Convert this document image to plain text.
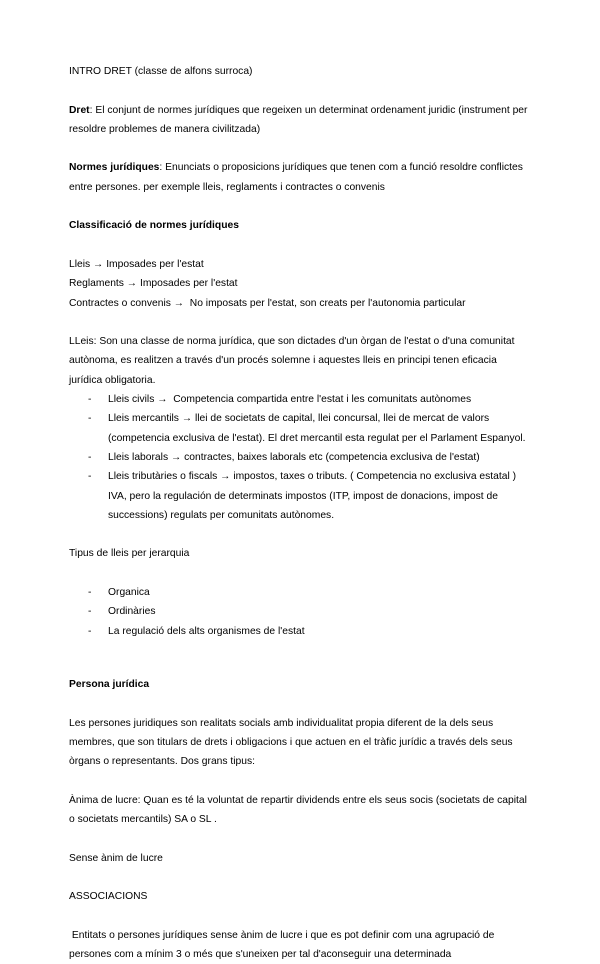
INTRO DRET (classe de alfons surroca)

Dret: El conjunt de normes jurídiques que regeixen un determinat ordenament juridic (instrument per resoldre problemes de manera civilitzada)

Normes jurídiques: Enunciats o proposicions jurídiques que tenen com a funció resoldre conflictes entre persones. per exemple lleis, reglaments i contractes o convenis

Classificació de normes jurídiques

Lleis → Imposades per l'estat

Reglaments → Imposades per l'estat

Contractes o convenis →  No imposats per l'estat, son creats per l'autonomia particular

LLeis: Son una classe de norma jurídica, que son dictades d'un òrgan de l'estat o d'una comunitat autònoma, es realitzen a través d'un procés solemne i aquestes lleis en principi tenen eficacia jurídica obligatoria.

- Lleis civils →  Competencia compartida entre l'estat i les comunitats autònomes
- Lleis mercantils → llei de societats de capital, llei concursal, llei de mercat de valors (competencia exclusiva de l'estat). El dret mercantil esta regulat per el Parlament Espanyol.
- Lleis laborals → contractes, baixes laborals etc (competencia exclusiva de l'estat)
- Lleis tributàries o fiscals → impostos, taxes o tributs. ( Competencia no exclusiva estatal ) IVA, pero la regulación de determinats impostos (ITP, impost de donacions, impost de successions) regulats per comunitats autònomes.

Tipus de lleis per jerarquia

- Organica
- Ordinàries
- La regulació dels alts organismes de l'estat

Persona jurídica

Les persones juridiques son realitats socials amb individualitat propia diferent de la dels seus membres, que son titulars de drets i obligacions i que actuen en el tràfic jurídic a través dels seus òrgans o representants. Dos grans tipus:

Ànima de lucre: Quan es té la voluntat de repartir dividends entre els seus socis (societats de capital o societats mercantils) SA o SL .

Sense ànim de lucre

ASSOCIACIONS

Entitats o persones jurídiques sense ànim de lucre i que es pot definir com una agrupació de persones com a mínim 3 o més que s'uneixen per tal d'aconseguir una determinada
